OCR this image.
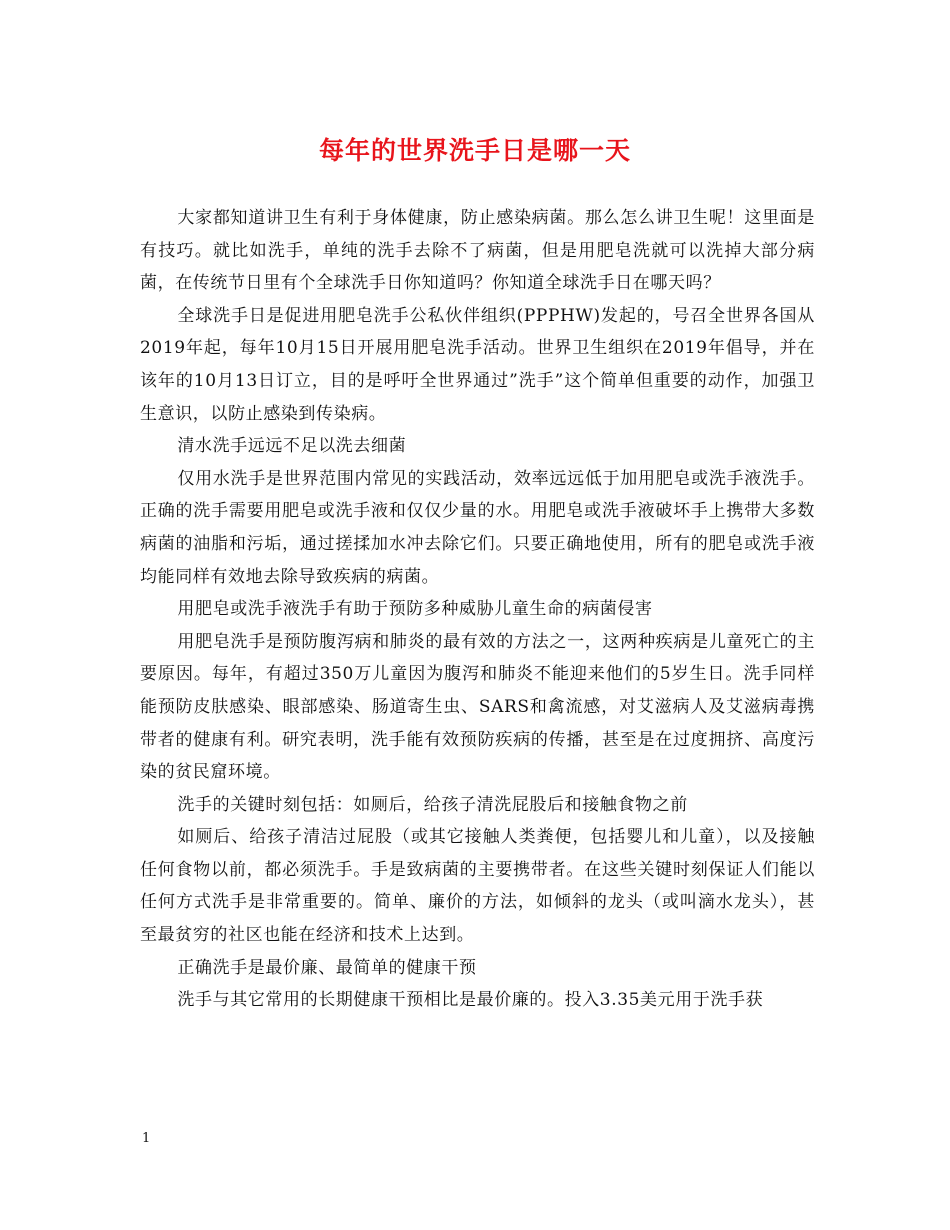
每年的世界洗手日是哪一天

大家都知道讲卫生有利于身体健康，防止感染病菌。那么怎么讲卫生呢！这里面是有技巧。就比如洗手，单纯的洗手去除不了病菌，但是用肥皂洗就可以洗掉大部分病菌，在传统节日里有个全球洗手日你知道吗？你知道全球洗手日在哪天吗？

全球洗手日是促进用肥皂洗手公私伙伴组织(PPPHW)发起的，号召全世界各国从2019年起，每年10月15日开展用肥皂洗手活动。世界卫生组织在2019年倡导，并在该年的10月13日订立，目的是呼吁全世界通过”洗手”这个简单但重要的动作，加强卫生意识，以防止感染到传染病。

清水洗手远远不足以洗去细菌

仅用水洗手是世界范围内常见的实践活动，效率远远低于加用肥皂或洗手液洗手。正确的洗手需要用肥皂或洗手液和仅仅少量的水。用肥皂或洗手液破坏手上携带大多数病菌的油脂和污垢，通过搓揉加水冲去除它们。只要正确地使用，所有的肥皂或洗手液均能同样有效地去除导致疾病的病菌。

用肥皂或洗手液洗手有助于预防多种威胁儿童生命的病菌侵害

用肥皂洗手是预防腹泻病和肺炎的最有效的方法之一，这两种疾病是儿童死亡的主要原因。每年，有超过350万儿童因为腹泻和肺炎不能迎来他们的5岁生日。洗手同样能预防皮肤感染、眼部感染、肠道寄生虫、SARS和禽流感，对艾滋病人及艾滋病毒携带者的健康有利。研究表明，洗手能有效预防疾病的传播，甚至是在过度拥挤、高度污染的贫民窟环境。

洗手的关键时刻包括：如厕后，给孩子清洗屁股后和接触食物之前

如厕后、给孩子清洁过屁股（或其它接触人类粪便，包括婴儿和儿童），以及接触任何食物以前，都必须洗手。手是致病菌的主要携带者。在这些关键时刻保证人们能以任何方式洗手是非常重要的。简单、廉价的方法，如倾斜的龙头（或叫滴水龙头），甚至最贫穷的社区也能在经济和技术上达到。

正确洗手是最价廉、最简单的健康干预

洗手与其它常用的长期健康干预相比是最价廉的。投入3.35美元用于洗手获

1
